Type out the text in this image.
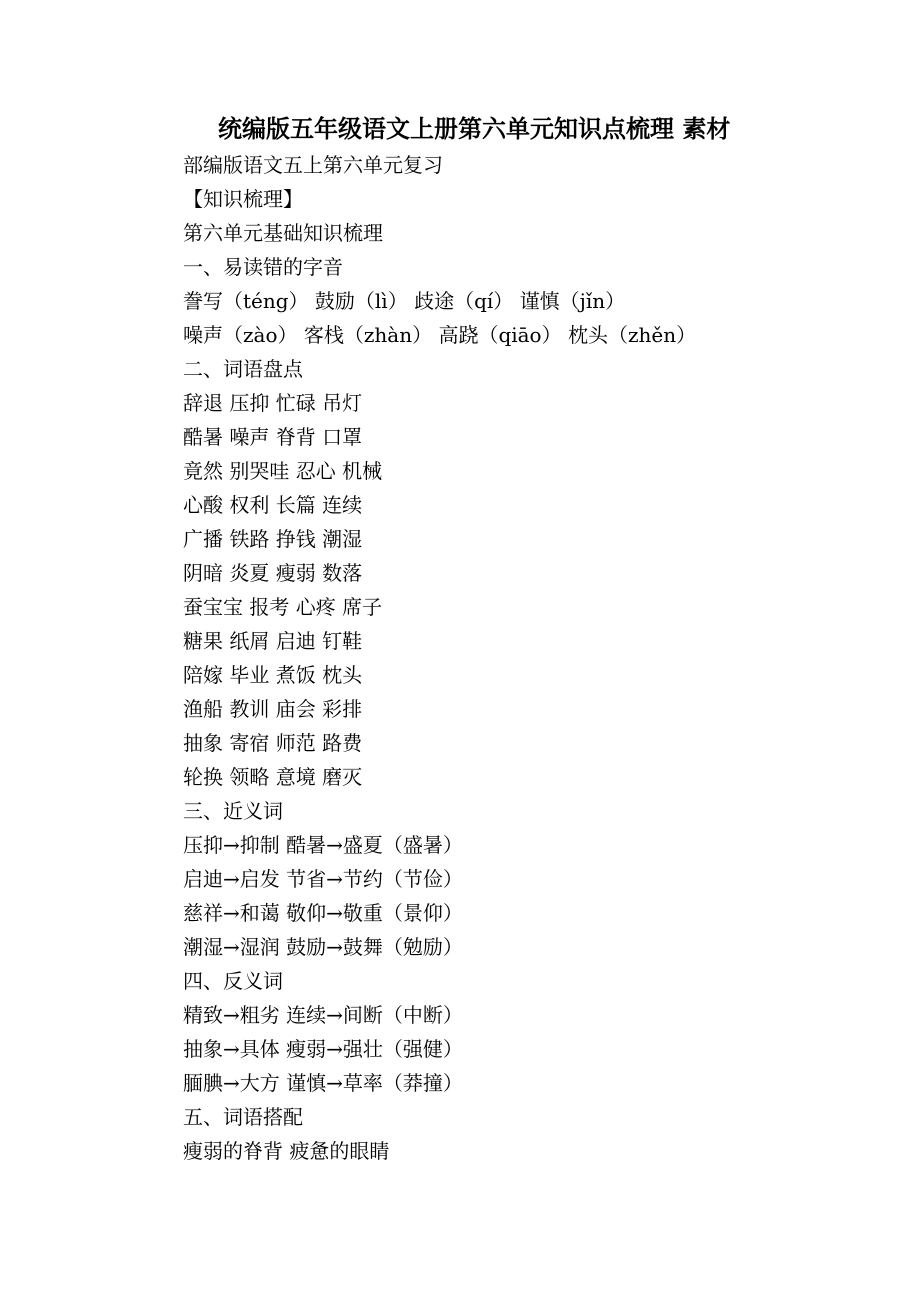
统编版五年级语文上册第六单元知识点梳理 素材
部编版语文五上第六单元复习
【知识梳理】
第六单元基础知识梳理
一、易读错的字音
誊写（téng） 鼓励（lì） 歧途（qí） 谨慎（jǐn）
噪声（zào） 客栈（zhàn） 高跷（qiāo） 枕头（zhěn）
二、词语盘点
辞退 压抑 忙碌 吊灯
酷暑 噪声 脊背 口罩
竟然 别哭哇 忍心 机械
心酸 权利 长篇 连续
广播 铁路 挣钱 潮湿
阴暗 炎夏 瘦弱 数落
蚕宝宝 报考 心疼 席子
糖果 纸屑 启迪 钉鞋
陪嫁 毕业 煮饭 枕头
渔船 教训 庙会 彩排
抽象 寄宿 师范 路费
轮换 领略 意境 磨灭
三、近义词
压抑→抑制 酷暑→盛夏（盛暑）
启迪→启发 节省→节约（节俭）
慈祥→和蔼 敬仰→敬重（景仰）
潮湿→湿润 鼓励→鼓舞（勉励）
四、反义词
精致→粗劣 连续→间断（中断）
抽象→具体 瘦弱→强壮（强健）
腼腆→大方 谨慎→草率（莽撞）
五、词语搭配
瘦弱的脊背 疲惫的眼睛
